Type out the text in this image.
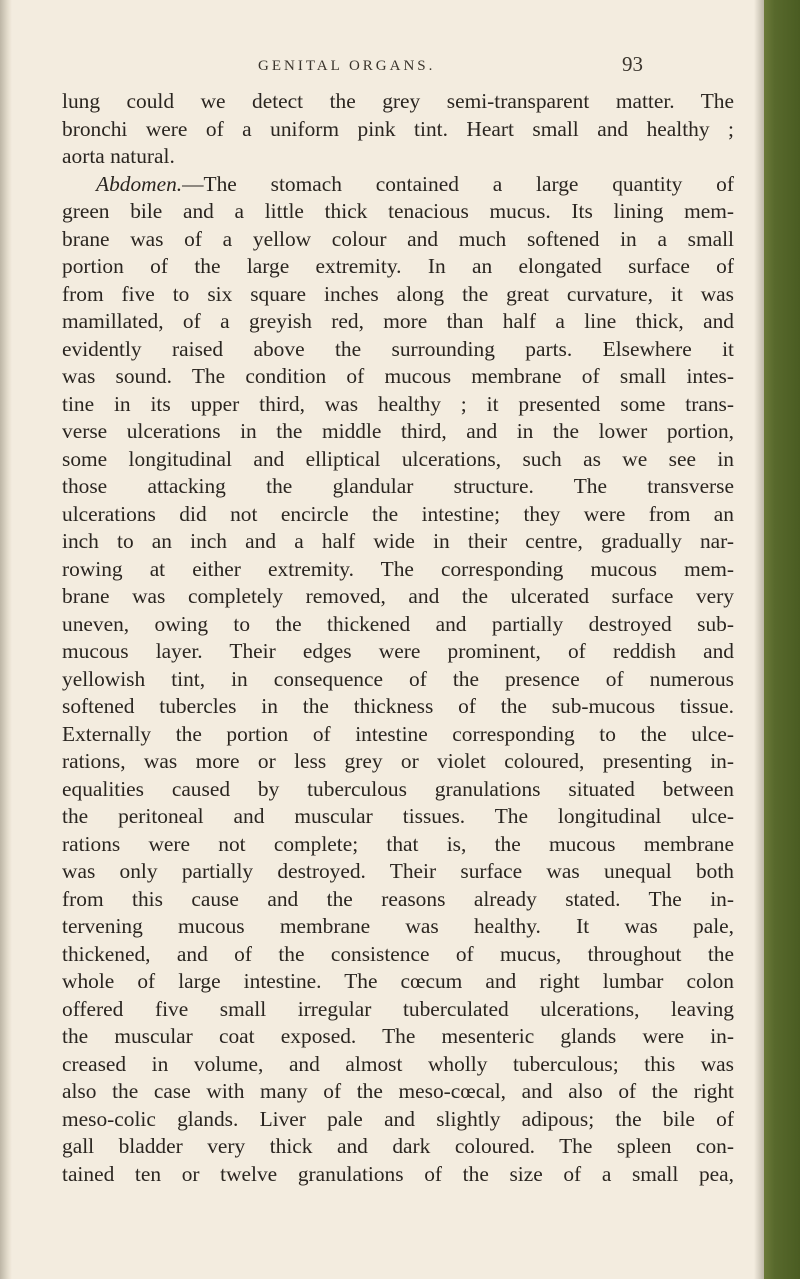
GENITAL ORGANS.	93
lung could we detect the grey semi-transparent matter. The
bronchi were of a uniform pink tint. Heart small and healthy ;
aorta natural.
Abdomen.—The stomach contained a large quantity of
green bile and a little thick tenacious mucus. Its lining mem-
brane was of a yellow colour and much softened in a small
portion of the large extremity. In an elongated surface of
from five to six square inches along the great curvature, it was
mamillated, of a greyish red, more than half a line thick, and
evidently raised above the surrounding parts. Elsewhere it
was sound. The condition of mucous membrane of small intes-
tine in its upper third, was healthy ; it presented some trans-
verse ulcerations in the middle third, and in the lower portion,
some longitudinal and elliptical ulcerations, such as we see in
those attacking the glandular structure. The transverse
ulcerations did not encircle the intestine; they were from an
inch to an inch and a half wide in their centre, gradually nar-
rowing at either extremity. The corresponding mucous mem-
brane was completely removed, and the ulcerated surface very
uneven, owing to the thickened and partially destroyed sub-
mucous layer. Their edges were prominent, of reddish and
yellowish tint, in consequence of the presence of numerous
softened tubercles in the thickness of the sub-mucous tissue.
Externally the portion of intestine corresponding to the ulce-
rations, was more or less grey or violet coloured, presenting in-
equalities caused by tuberculous granulations situated between
the peritoneal and muscular tissues. The longitudinal ulce-
rations were not complete; that is, the mucous membrane
was only partially destroyed. Their surface was unequal both
from this cause and the reasons already stated. The in-
tervening mucous membrane was healthy. It was pale,
thickened, and of the consistence of mucus, throughout the
whole of large intestine. The cœcum and right lumbar colon
offered five small irregular tuberculated ulcerations, leaving
the muscular coat exposed. The mesenteric glands were in-
creased in volume, and almost wholly tuberculous; this was
also the case with many of the meso-cœcal, and also of the right
meso-colic glands. Liver pale and slightly adipous; the bile of
gall bladder very thick and dark coloured. The spleen con-
tained ten or twelve granulations of the size of a small pea,
